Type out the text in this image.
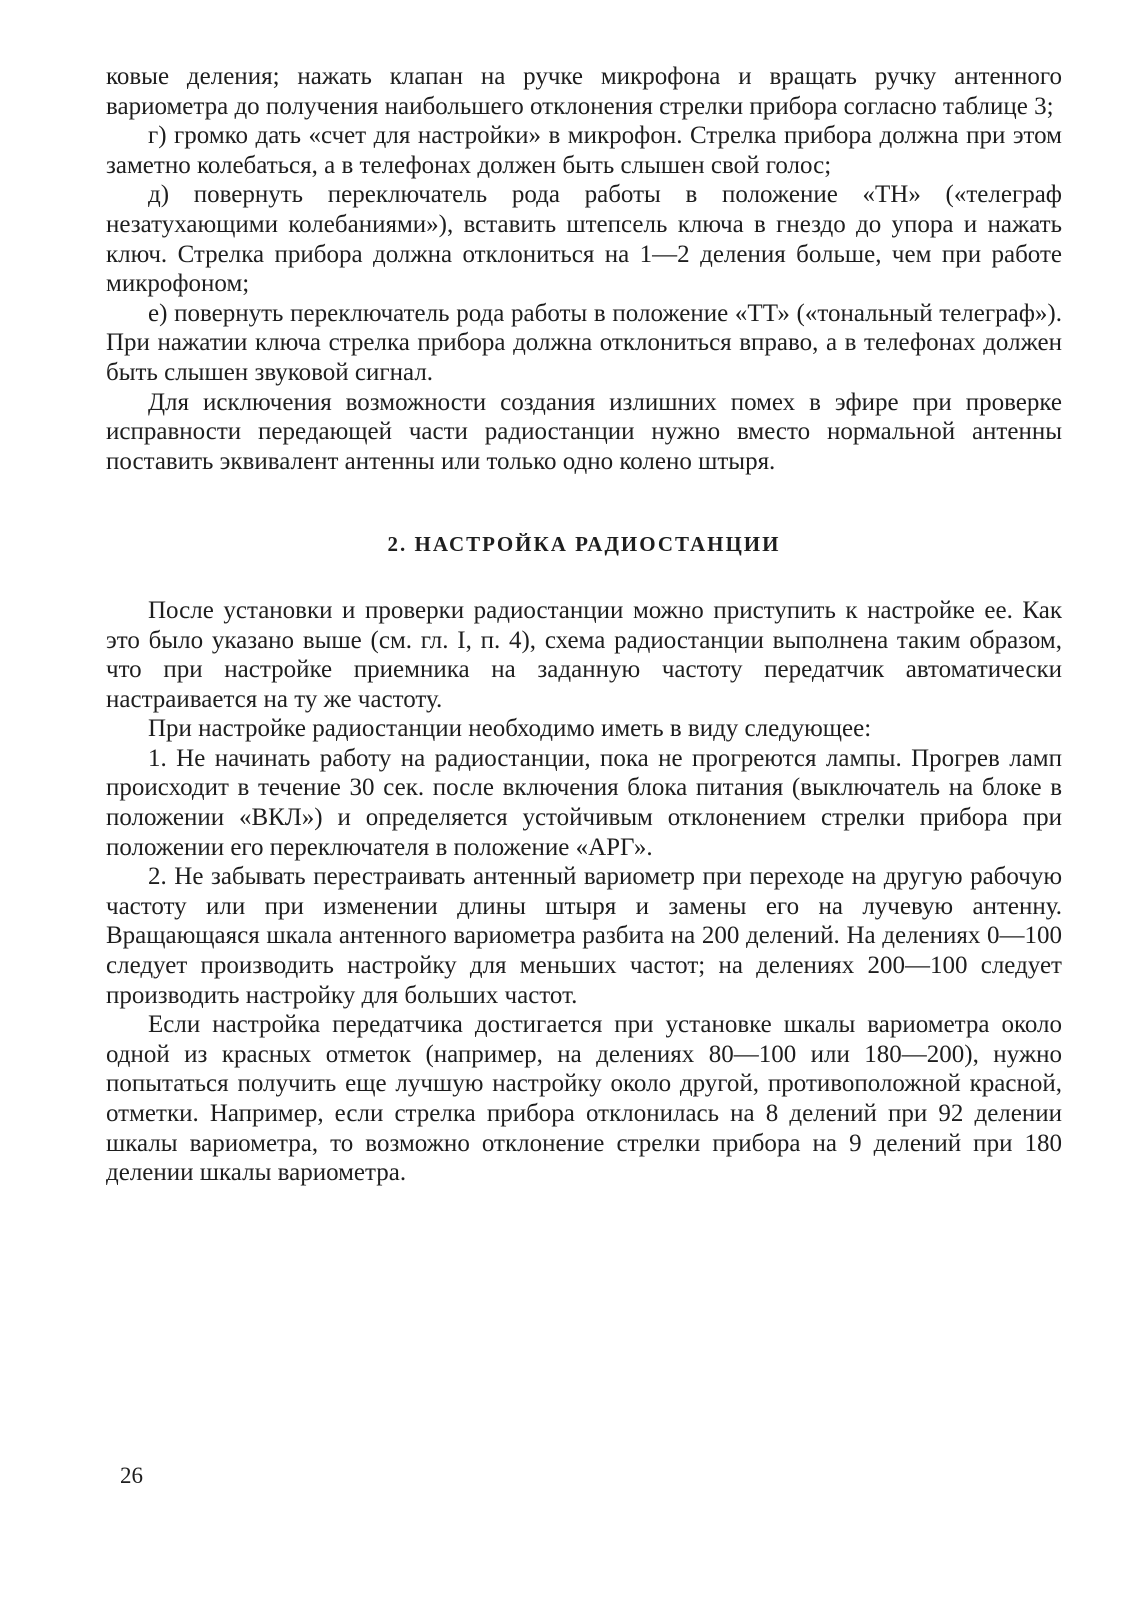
ковые деления; нажать клапан на ручке микрофона и вращать ручку антенного вариометра до получения наибольшего отклонения стрелки прибора согласно таблице 3;

г) громко дать «счет для настройки» в микрофон. Стрелка прибора должна при этом заметно колебаться, а в телефонах должен быть слышен свой голос;

д) повернуть переключатель рода работы в положение «ТН» («телеграф незатухающими колебаниями»), вставить штепсель ключа в гнездо до упора и нажать ключ. Стрелка прибора должна отклониться на 1—2 деления больше, чем при работе микрофоном;

е) повернуть переключатель рода работы в положение «ТТ» («тональный телеграф»). При нажатии ключа стрелка прибора должна отклониться вправо, а в телефонах должен быть слышен звуковой сигнал.

Для исключения возможности создания излишних помех в эфире при проверке исправности передающей части радиостанции нужно вместо нормальной антенны поставить эквивалент антенны или только одно колено штыря.

2. НАСТРОЙКА РАДИОСТАНЦИИ

После установки и проверки радиостанции можно приступить к настройке ее. Как это было указано выше (см. гл. I, п. 4), схема радиостанции выполнена таким образом, что при настройке приемника на заданную частоту передатчик автоматически настраивается на ту же частоту.

При настройке радиостанции необходимо иметь в виду следующее:

1. Не начинать работу на радиостанции, пока не прогреются лампы. Прогрев ламп происходит в течение 30 сек. после включения блока питания (выключатель на блоке в положении «ВКЛ») и определяется устойчивым отклонением стрелки прибора при положении его переключателя в положение «АРГ».

2. Не забывать перестраивать антенный вариометр при переходе на другую рабочую частоту или при изменении длины штыря и замены его на лучевую антенну. Вращающаяся шкала антенного вариометра разбита на 200 делений. На делениях 0—100 следует производить настройку для меньших частот; на делениях 200—100 следует производить настройку для больших частот.

Если настройка передатчика достигается при установке шкалы вариометра около одной из красных отметок (например, на делениях 80—100 или 180—200), нужно попытаться получить еще лучшую настройку около другой, противоположной красной, отметки. Например, если стрелка прибора отклонилась на 8 делений при 92 делении шкалы вариометра, то возможно отклонение стрелки прибора на 9 делений при 180 делении шкалы вариометра.

26
